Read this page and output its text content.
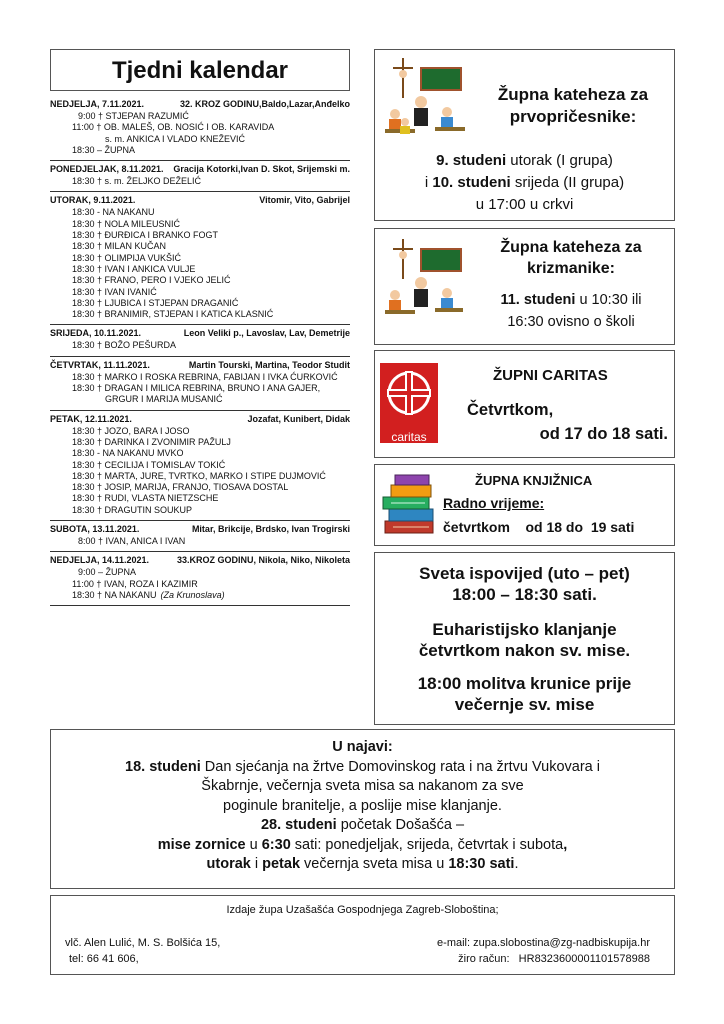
Tjedni kalendar
NEDJELJA, 7.11.2021.	32. KROZ GODINU,Baldo,Lazar,Anđelko
9:00 † STJEPAN RAZUMIĆ
11:00 † OB. MALEŠ, OB. NOSIĆ I OB. KARAVIDA
s. m. ANKICA I VLADO KNEŽEVIĆ
18:30 – ŽUPNA
PONEDJELJAK, 8.11.2021. Gracija Kotorki,Ivan D. Skot, Srijemski m.
18:30 † s. m. ŽELJKO DEŽELIĆ
UTORAK, 9.11.2021.	Vitomir, Vito, Gabrijel
18:30 - NA NAKANU
18:30 † NOLA MILEUSNIĆ
18:30 † ĐURĐICA I BRANKO FOGT
18:30 † MILAN KUČAN
18:30 † OLIMPIJA VUKŠIĆ
18:30 † IVAN I ANKICA VULJE
18:30 † FRANO, PERO I VJEKO JELIĆ
18:30 † IVAN IVANIĆ
18:30 † LJUBICA I STJEPAN DRAGANIĆ
18:30 † BRANIMIR, STJEPAN I KATICA KLASNIĆ
SRIJEDA, 10.11.2021.	Leon Veliki p., Lavoslav, Lav, Demetrije
18:30 † BOŽO PEŠURDA
ČETVRTAK, 11.11.2021.	Martin Tourski, Martina, Teodor Studit
18:30 † MARKO I ROSKA REBRINA, FABIJAN I IVKA ĆURKOVIĆ
18:30 † DRAGAN I MILICA REBRINA, BRUNO I ANA GAJER,
GRGUR I MARIJA MUSANIĆ
PETAK, 12.11.2021.	Jozafat, Kunibert, Didak
18:30 † JOZO, BARA I JOSO
18:30 † DARINKA I ZVONIMIR PAŽULJ
18:30 - NA NAKANU MVKO
18:30 † CECILIJA I TOMISLAV TOKIĆ
18:30 † MARTA, JURE, TVRTKO, MARKO I STIPE DUJMOVIĆ
18:30 † JOSIP, MARIJA, FRANJO, TIOSAVA DOSTAL
18:30 † RUDI, VLASTA NIETZSCHE
18:30 † DRAGUTIN SOUKUP
SUBOTA, 13.11.2021.	Mitar, Brikcije, Brdsko, Ivan Trogirski
8:00 † IVAN, ANICA I IVAN
NEDJELJA, 14.11.2021.	33.KROZ GODINU, Nikola, Niko, Nikoleta
9:00 – ŽUPNA
11:00 † IVAN, ROZA I KAZIMIR
18:30 † NA NAKANU (Za Krunoslava)
Župna kateheza za
prvopričesnike:
9. studeni utorak (I grupa)
i 10. studeni srijeda (II grupa)
u 17:00 u crkvi
Župna kateheza za
krizmanike:
11. studeni u 10:30 ili
16:30 ovisno o školi
caritas
ŽUPNI CARITAS
Četvrtkom,
od 17 do 18 sati.
ŽUPNA KNJIŽNICA
Radno vrijeme:
četvrtkom    od 18 do  19 sati
Sveta ispovijed (uto – pet)
18:00 – 18:30 sati.
Euharistijsko klanjanje
četvrtkom nakon sv. mise.
18:00 molitva krunice prije
večernje sv. mise
U najavi:
18. studeni Dan sjećanja na žrtve Domovinskog rata i na žrtvu Vukovara i
Škabrnje, večernja sveta misa sa nakanom za sve
poginule branitelje, a poslije mise klanjanje.
28. studeni početak Došašća –
mise zornice u 6:30 sati: ponedjeljak, srijeda, četvrtak i subota,
utorak i petak večernja sveta misa u 18:30 sati.
Izdaje župa Uzašašća Gospodnjega Zagreb-Sloboština;
vlč. Alen Lulić, M. S. Bolšića 15,
tel: 66 41 606,
e-mail: zupa.slobostina@zg-nadbiskupija.hr
žiro račun:   HR8323600001101578988
